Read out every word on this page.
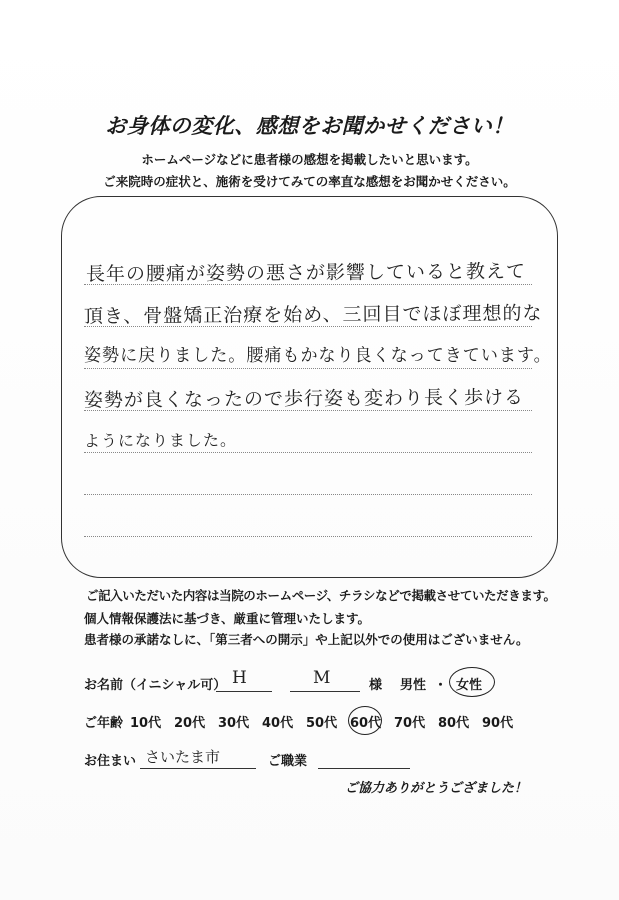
お身体の変化、感想をお聞かせください！
ホームページなどに患者様の感想を掲載したいと思います。
ご来院時の症状と、施術を受けてみての率直な感想をお聞かせください。
長年の腰痛が姿勢の悪さが影響していると教えて
頂き、骨盤矯正治療を始め、三回目でほぼ理想的な
姿勢に戻りました。腰痛もかなり良くなってきています。
姿勢が良くなったので歩行姿も変わり長く歩ける
ようになりました。
ご記入いただいた内容は当院のホームページ、チラシなどで掲載させていただきます。
個人情報保護法に基づき、厳重に管理いたします。
患者様の承諾なしに、「第三者への開示」や上記以外での使用はございません。
お名前（イニシャル可） H	M	様 男性 ・ 女性
ご年齢 10代 20代 30代 40代 50代 60代 70代 80代 90代
お住まい さいたま市	ご職業
ご協力ありがとうござました！
